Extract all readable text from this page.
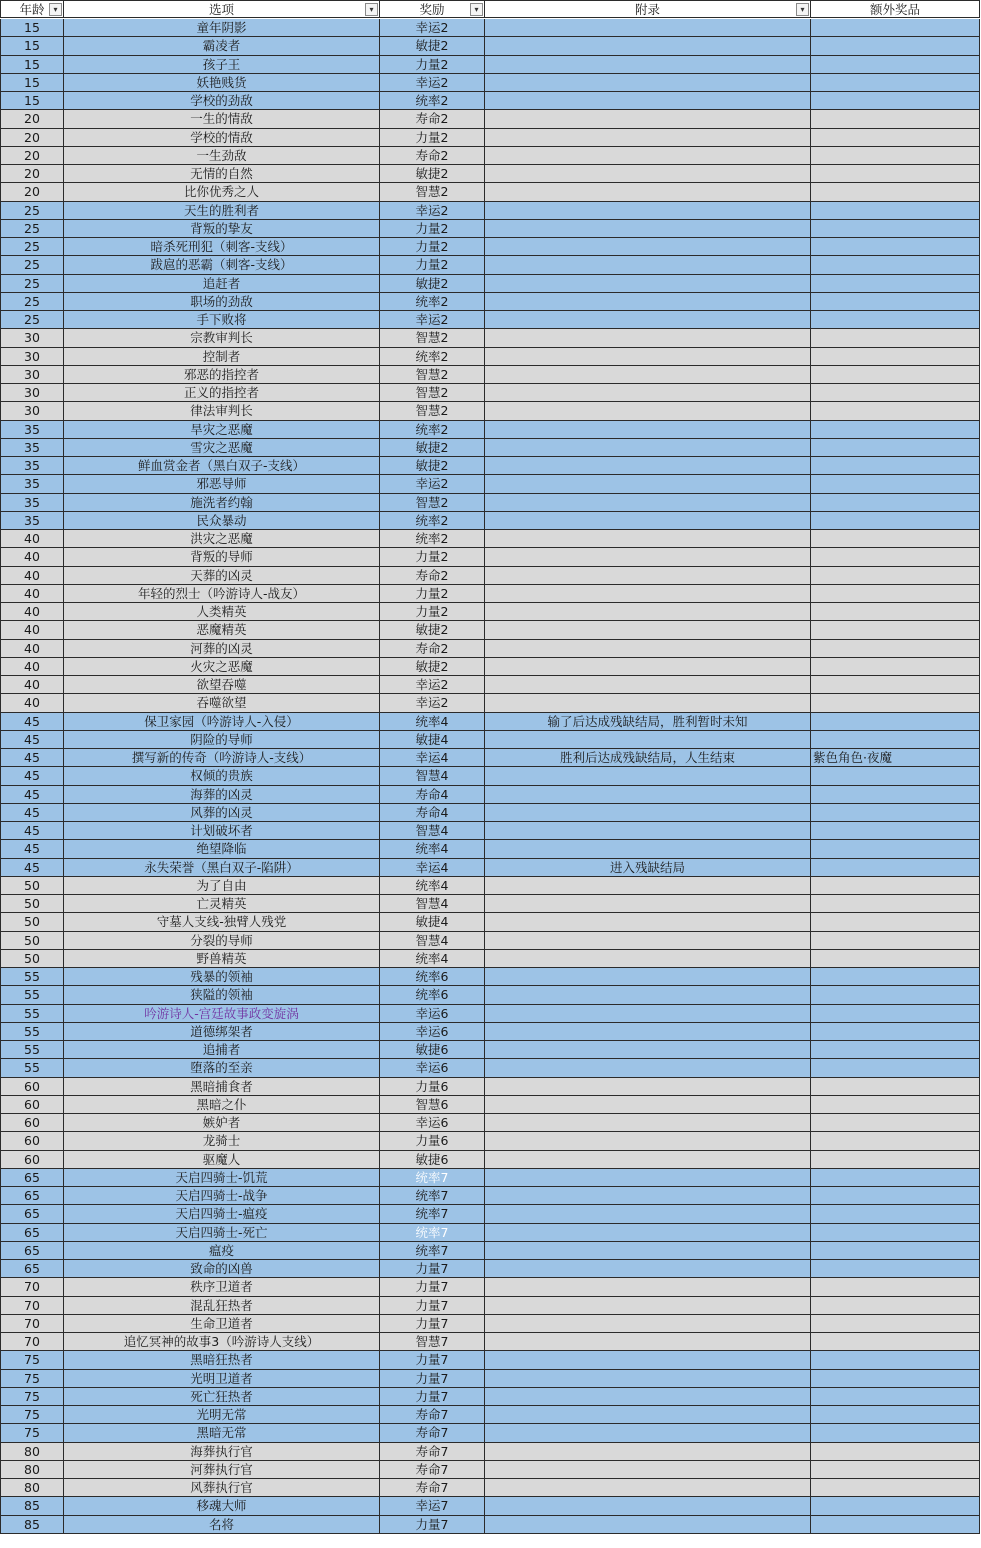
年龄	▾	选项	▾	奖励	▾	附录	▾	额外奖品
15	童年阴影	幸运2
15	霸凌者	敏捷2
15	孩子王	力量2
15	妖艳贱货	幸运2
15	学校的劲敌	统率2
20	一生的情敌	寿命2
20	学校的情敌	力量2
20	一生劲敌	寿命2
20	无情的自然	敏捷2
20	比你优秀之人	智慧2
25	天生的胜利者	幸运2
25	背叛的挚友	力量2
25	暗杀死刑犯（刺客-支线）	力量2
25	跋扈的恶霸（刺客-支线）	力量2
25	追赶者	敏捷2
25	职场的劲敌	统率2
25	手下败将	幸运2
30	宗教审判长	智慧2
30	控制者	统率2
30	邪恶的指控者	智慧2
30	正义的指控者	智慧2
30	律法审判长	智慧2
35	旱灾之恶魔	统率2
35	雪灾之恶魔	敏捷2
35	鲜血赏金者（黑白双子-支线）	敏捷2
35	邪恶导师	幸运2
35	施洗者约翰	智慧2
35	民众暴动	统率2
40	洪灾之恶魔	统率2
40	背叛的导师	力量2
40	天葬的凶灵	寿命2
40	年轻的烈士（吟游诗人-战友）	力量2
40	人类精英	力量2
40	恶魔精英	敏捷2
40	河葬的凶灵	寿命2
40	火灾之恶魔	敏捷2
40	欲望吞噬	幸运2
40	吞噬欲望	幸运2
45	保卫家园（吟游诗人-入侵）	统率4	输了后达成残缺结局，胜利暂时未知
45	阴险的导师	敏捷4
45	撰写新的传奇（吟游诗人-支线）	幸运4	胜利后达成残缺结局，人生结束	紫色角色·夜魔
45	权倾的贵族	智慧4
45	海葬的凶灵	寿命4
45	风葬的凶灵	寿命4
45	计划破坏者	智慧4
45	绝望降临	统率4
45	永失荣誉（黑白双子-陷阱）	幸运4	进入残缺结局
50	为了自由	统率4
50	亡灵精英	智慧4
50	守墓人支线-独臂人残党	敏捷4
50	分裂的导师	智慧4
50	野兽精英	统率4
55	残暴的领袖	统率6
55	狭隘的领袖	统率6
55	吟游诗人-宫廷故事政变旋涡	幸运6
55	道德绑架者	幸运6
55	追捕者	敏捷6
55	堕落的至亲	幸运6
60	黑暗捕食者	力量6
60	黑暗之仆	智慧6
60	嫉妒者	幸运6
60	龙骑士	力量6
60	驱魔人	敏捷6
65	天启四骑士-饥荒	统率7
65	天启四骑士-战争	统率7
65	天启四骑士-瘟疫	统率7
65	天启四骑士-死亡	统率7
65	瘟疫	统率7
65	致命的凶兽	力量7
70	秩序卫道者	力量7
70	混乱狂热者	力量7
70	生命卫道者	力量7
70	追忆冥神的故事3（吟游诗人支线）	智慧7
75	黑暗狂热者	力量7
75	光明卫道者	力量7
75	死亡狂热者	力量7
75	光明无常	寿命7
75	黑暗无常	寿命7
80	海葬执行官	寿命7
80	河葬执行官	寿命7
80	风葬执行官	寿命7
85	移魂大师	幸运7
85	名将	力量7
